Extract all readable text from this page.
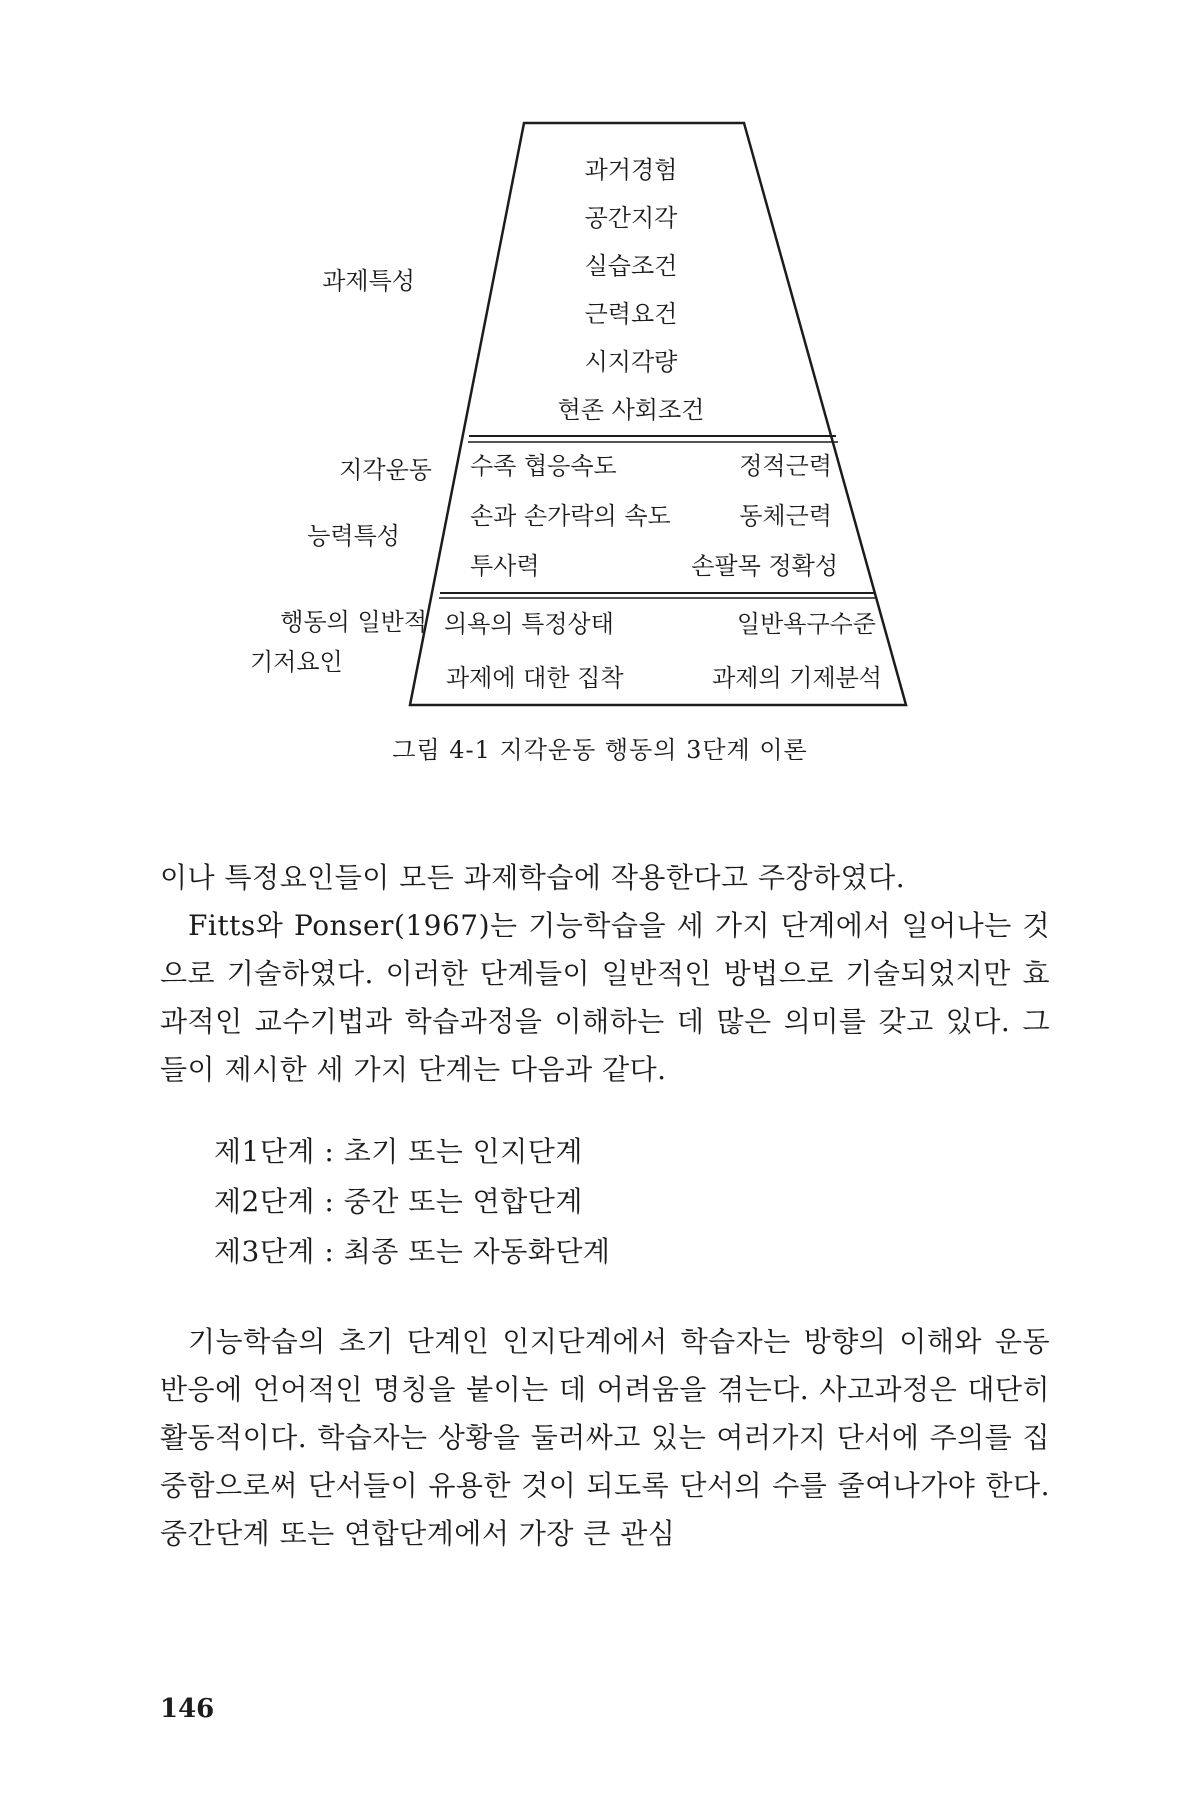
과제특성
지각운동
능력특성
행동의 일반적
기저요인
과거경험
공간지각
실습조건
근력요건
시지각량
현존 사회조건
수족 협응속도	정적근력
손과 손가락의 속도	동체근력
투사력	손팔목 정확성
의욕의 특정상태	일반욕구수준
과제에 대한 집착	과제의 기제분석
그림 4-1 지각운동 행동의 3단계 이론
이나 특정요인들이 모든 과제학습에 작용한다고 주장하였다.
Fitts와 Ponser(1967)는 기능학습을 세 가지 단계에서 일어나는 것으로 기술하였다. 이러한 단계들이 일반적인 방법으로 기술되었지만 효과적인 교수기법과 학습과정을 이해하는 데 많은 의미를 갖고 있다. 그들이 제시한 세 가지 단계는 다음과 같다.
제1단계 : 초기 또는 인지단계
제2단계 : 중간 또는 연합단계
제3단계 : 최종 또는 자동화단계
기능학습의 초기 단계인 인지단계에서 학습자는 방향의 이해와 운동반응에 언어적인 명칭을 붙이는 데 어려움을 겪는다. 사고과정은 대단히 활동적이다. 학습자는 상황을 둘러싸고 있는 여러가지 단서에 주의를 집중함으로써 단서들이 유용한 것이 되도록 단서의 수를 줄여나가야 한다. 중간단계 또는 연합단계에서 가장 큰 관심
146
